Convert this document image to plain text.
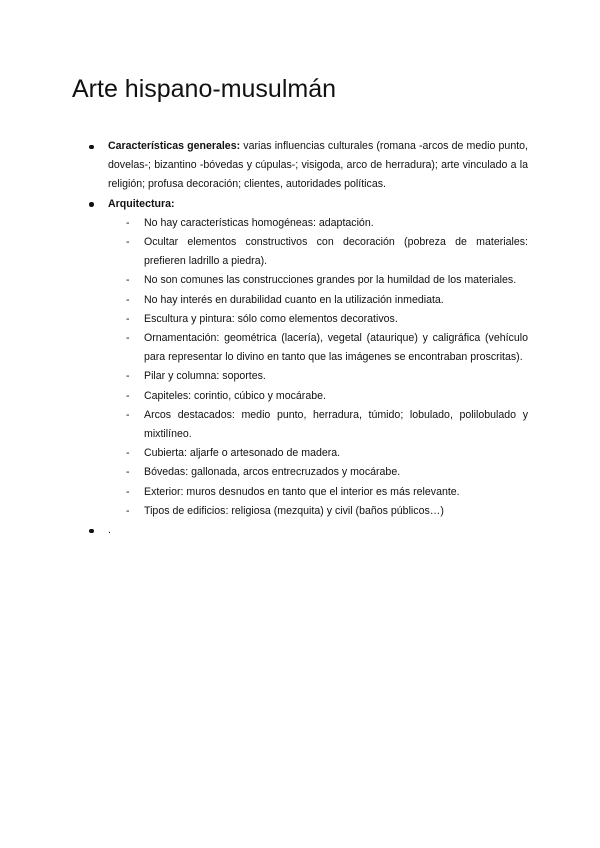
Arte hispano-musulmán
Características generales: varias influencias culturales (romana -arcos de medio punto, dovelas-; bizantino -bóvedas y cúpulas-; visigoda, arco de herradura); arte vinculado a la religión; profusa decoración; clientes, autoridades políticas.
Arquitectura:
- No hay características homogéneas: adaptación.
- Ocultar elementos constructivos con decoración (pobreza de materiales: prefieren ladrillo a piedra).
- No son comunes las construcciones grandes por la humildad de los materiales.
- No hay interés en durabilidad cuanto en la utilización inmediata.
- Escultura y pintura: sólo como elementos decorativos.
- Ornamentación: geométrica (lacería), vegetal (ataurique) y caligráfica (vehículo para representar lo divino en tanto que las imágenes se encontraban proscritas).
- Pilar y columna: soportes.
- Capiteles: corintio, cúbico y mocárabe.
- Arcos destacados: medio punto, herradura, túmido; lobulado, polilobulado y mixtilíneo.
- Cubierta: aljarfe o artesonado de madera.
- Bóvedas: gallonada, arcos entrecruzados y mocárabe.
- Exterior: muros desnudos en tanto que el interior es más relevante.
- Tipos de edificios: religiosa (mezquita) y civil (baños públicos…)
.
